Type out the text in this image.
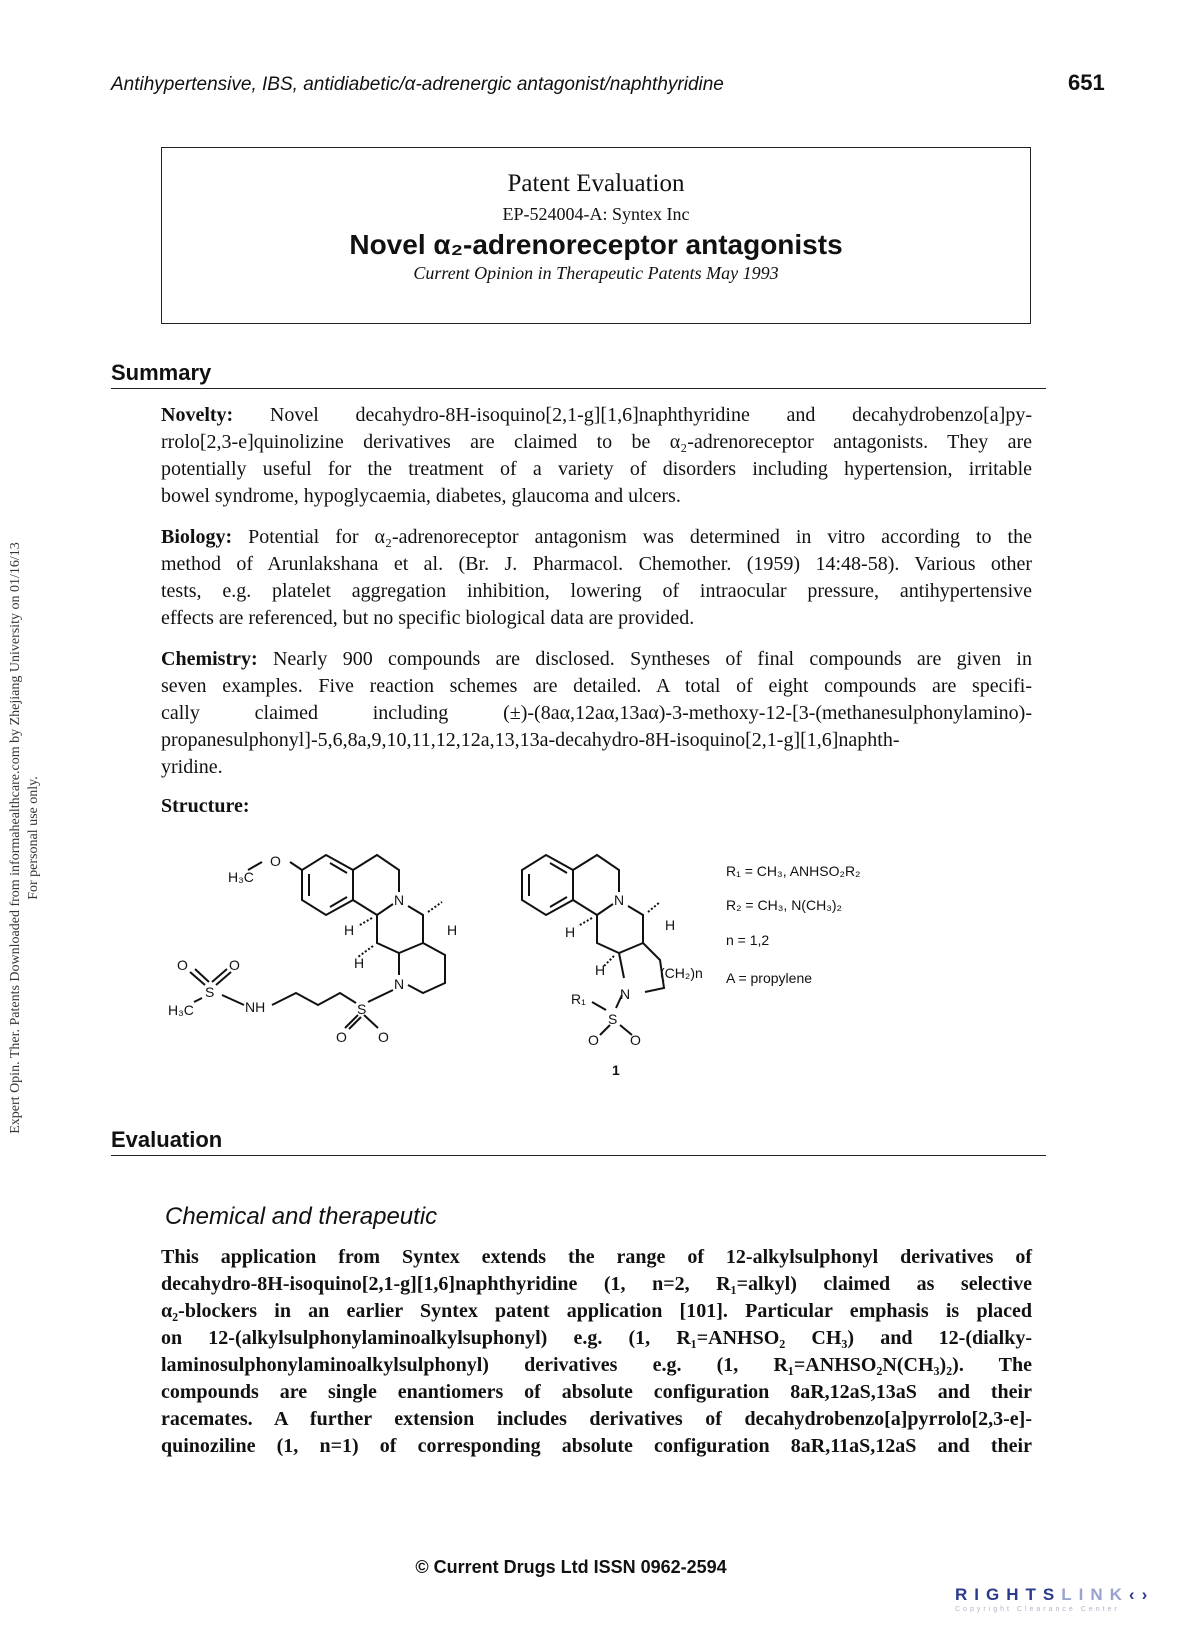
Antihypertensive, IBS, antidiabetic/α-adrenergic antagonist/naphthyridine	651
Expert Opin. Ther. Patents Downloaded from informahealthcare.com by Zhejiang University on 01/16/13 For personal use only.
Patent Evaluation
EP-524004-A: Syntex Inc
Novel α₂-adrenoreceptor antagonists
Current Opinion in Therapeutic Patents May 1993
Summary
Novelty: Novel decahydro-8H-isoquino[2,1-g][1,6]naphthyridine and decahydrobenzo[a]py-
rrolo[2,3-e]quinolizine derivatives are claimed to be α₂-adrenoreceptor antagonists. They are
potentially useful for the treatment of a variety of disorders including hypertension, irritable
bowel syndrome, hypoglycaemia, diabetes, glaucoma and ulcers.
Biology: Potential for α₂-adrenoreceptor antagonism was determined in vitro according to the
method of Arunlakshana et al. (Br. J. Pharmacol. Chemother. (1959) 14:48-58). Various other
tests, e.g. platelet aggregation inhibition, lowering of intraocular pressure, antihypertensive
effects are referenced, but no specific biological data are provided.
Chemistry: Nearly 900 compounds are disclosed. Syntheses of final compounds are given in
seven examples. Five reaction schemes are detailed. A total of eight compounds are specifi-
cally claimed including (±)-(8aα,12aα,13aα)-3-methoxy-12-[3-(methanesulphonylamino)-
propanesulphonyl]-5,6,8a,9,10,11,12,12a,13,13a-decahydro-8H-isoquino[2,1-g][1,6]naphth-
yridine.
Structure:
H₃C
O
N
N
H	H
H
S
O O
NH
S
O	O
H₃C
N
N
H	H
H	(CH₂)n
R₁
S
O O
1
R₁ = CH₃, ANHSO₂R₂
R₂ = CH₃, N(CH₃)₂
n = 1,2
A = propylene
Evaluation
Chemical and therapeutic
This application from Syntex extends the range of 12-alkylsulphonyl derivatives of
decahydro-8H-isoquino[2,1-g][1,6]naphthyridine (1, n=2, R₁=alkyl) claimed as selective
α₂-blockers in an earlier Syntex patent application [101]. Particular emphasis is placed
on 12-(alkylsulphonylaminoalkylsuphonyl) e.g. (1, R₁=ANHSO₂ CH₃) and 12-(dialky-
laminosulphonylaminoalkylsulphonyl) derivatives e.g. (1, R₁=ANHSO₂N(CH₃)₂). The
compounds are single enantiomers of absolute configuration 8aR,12aS,13aS and their
racemates. A further extension includes derivatives of decahydrobenzo[a]pyrrolo[2,3-e]-
quinoziline (1, n=1) of corresponding absolute configuration 8aR,11aS,12aS and their
© Current Drugs Ltd ISSN 0962-2594
RIGHTSLINK‹›
Copyright Clearance Center
